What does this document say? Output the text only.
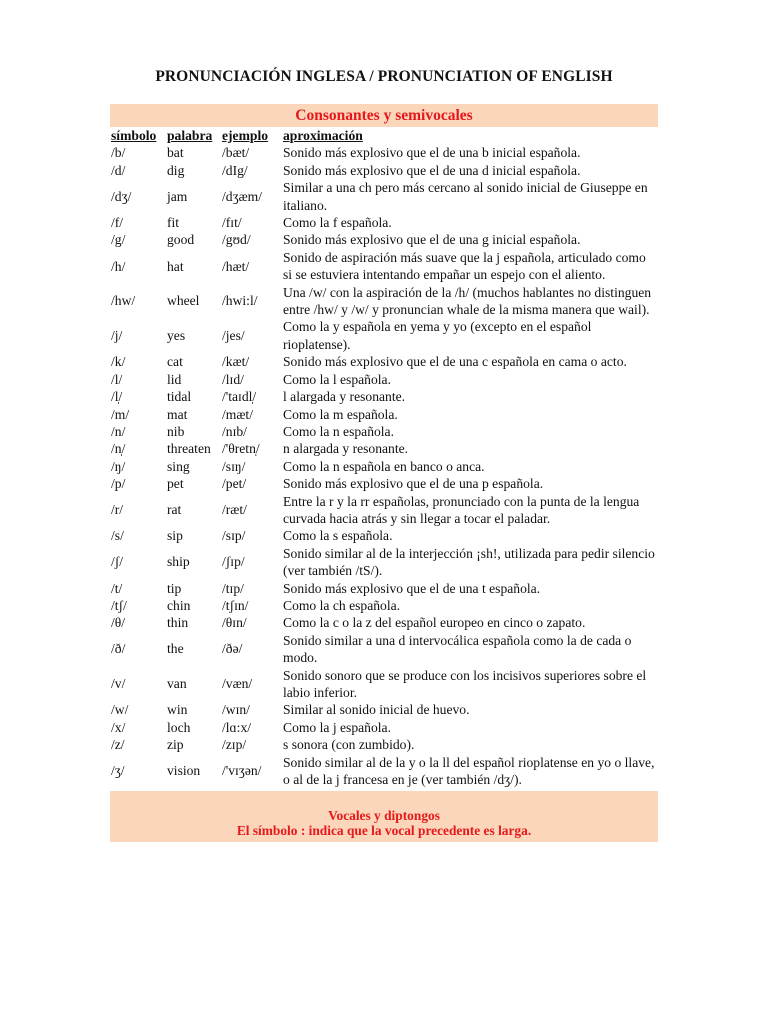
PRONUNCIACIÓN INGLESA / PRONUNCIATION OF ENGLISH
Consonantes y semivocales
símbolo	palabra	ejemplo	aproximación
/b/	bat	/bæt/	Sonido más explosivo que el de una b inicial española.
/d/	dig	/dIg/	Sonido más explosivo que el de una d inicial española.
/dʒ/	jam	/dʒæm/	Similar a una ch pero más cercano al sonido inicial de Giuseppe en italiano.
/f/	fit	/fɪt/	Como la f española.
/g/	good	/gʊd/	Sonido más explosivo que el de una g inicial española.
/h/	hat	/hæt/	Sonido de aspiración más suave que la j española, articulado como si se estuviera intentando empañar un espejo con el aliento.
/hw/	wheel	/hwi:l/	Una /w/ con la aspiración de la /h/ (muchos hablantes no distinguen entre /hw/ y /w/ y pronuncian whale de la misma manera que wail).
/j/	yes	/jes/	Como la y española en yema y yo (excepto en el español rioplatense).
/k/	cat	/kæt/	Sonido más explosivo que el de una c española en cama o acto.
/l/	lid	/lɪd/	Como la l española.
/l̩/	tidal	/'taɪdl̩/	l alargada y resonante.
/m/	mat	/mæt/	Como la m española.
/n/	nib	/nɪb/	Como la n española.
/n̩/	threaten	/'θretn̩/	n alargada y resonante.
/ŋ/	sing	/sɪŋ/	Como la n española en banco o anca.
/p/	pet	/pet/	Sonido más explosivo que el de una p española.
/r/	rat	/ræt/	Entre la r y la rr españolas, pronunciado con la punta de la lengua curvada hacia atrás y sin llegar a tocar el paladar.
/s/	sip	/sɪp/	Como la s española.
/ʃ/	ship	/ʃɪp/	Sonido similar al de la interjección ¡sh!, utilizada para pedir silencio (ver también /tS/).
/t/	tip	/tɪp/	Sonido más explosivo que el de una t española.
/tʃ/	chin	/tʃɪn/	Como la ch española.
/θ/	thin	/θɪn/	Como la c o la z del español europeo en cinco o zapato.
/ð/	the	/ðə/	Sonido similar a una d intervocálica española como la de cada o modo.
/v/	van	/væn/	Sonido sonoro que se produce con los incisivos superiores sobre el labio inferior.
/w/	win	/wɪn/	Similar al sonido inicial de huevo.
/x/	loch	/lɑ:x/	Como la j española.
/z/	zip	/zɪp/	s sonora (con zumbido).
/ʒ/	vision	/'vɪʒən/	Sonido similar al de la y o la ll del español rioplatense en yo o llave, o al de la j francesa en je (ver también /dʒ/).
Vocales y diptongos
El símbolo : indica que la vocal precedente es larga.
